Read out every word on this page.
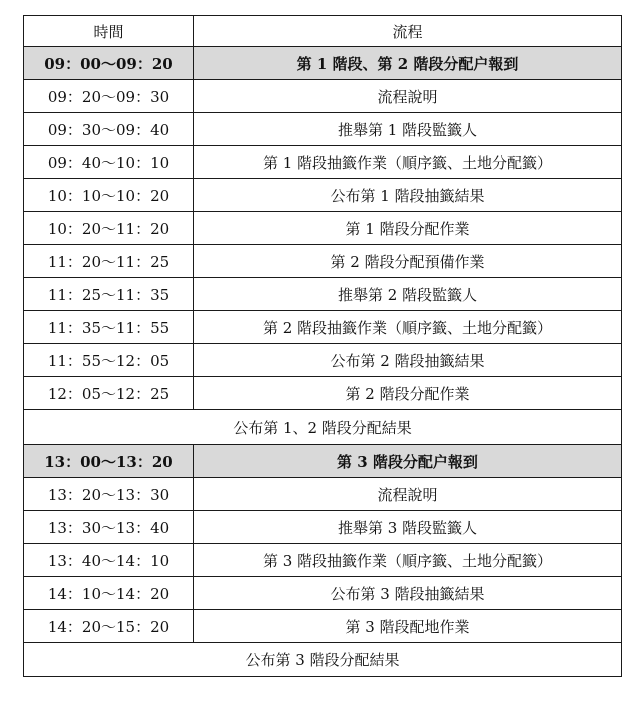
時間	流程
09：00～09：20	第 1 階段、第 2 階段分配户報到
09：20～09：30	流程說明
09：30～09：40	推舉第 1 階段監籤人
09：40～10：10	第 1 階段抽籤作業（順序籤、土地分配籤）
10：10～10：20	公布第 1 階段抽籤結果
10：20～11：20	第 1 階段分配作業
11：20～11：25	第 2 階段分配預備作業
11：25～11：35	推舉第 2 階段監籤人
11：35～11：55	第 2 階段抽籤作業（順序籤、土地分配籤）
11：55～12：05	公布第 2 階段抽籤結果
12：05～12：25	第 2 階段分配作業
公布第 1、2 階段分配結果	
13：00～13：20	第 3 階段分配户報到
13：20～13：30	流程說明
13：30～13：40	推舉第 3 階段監籤人
13：40～14：10	第 3 階段抽籤作業（順序籤、土地分配籤）
14：10～14：20	公布第 3 階段抽籤結果
14：20～15：20	第 3 階段配地作業
公布第 3 階段分配結果	
